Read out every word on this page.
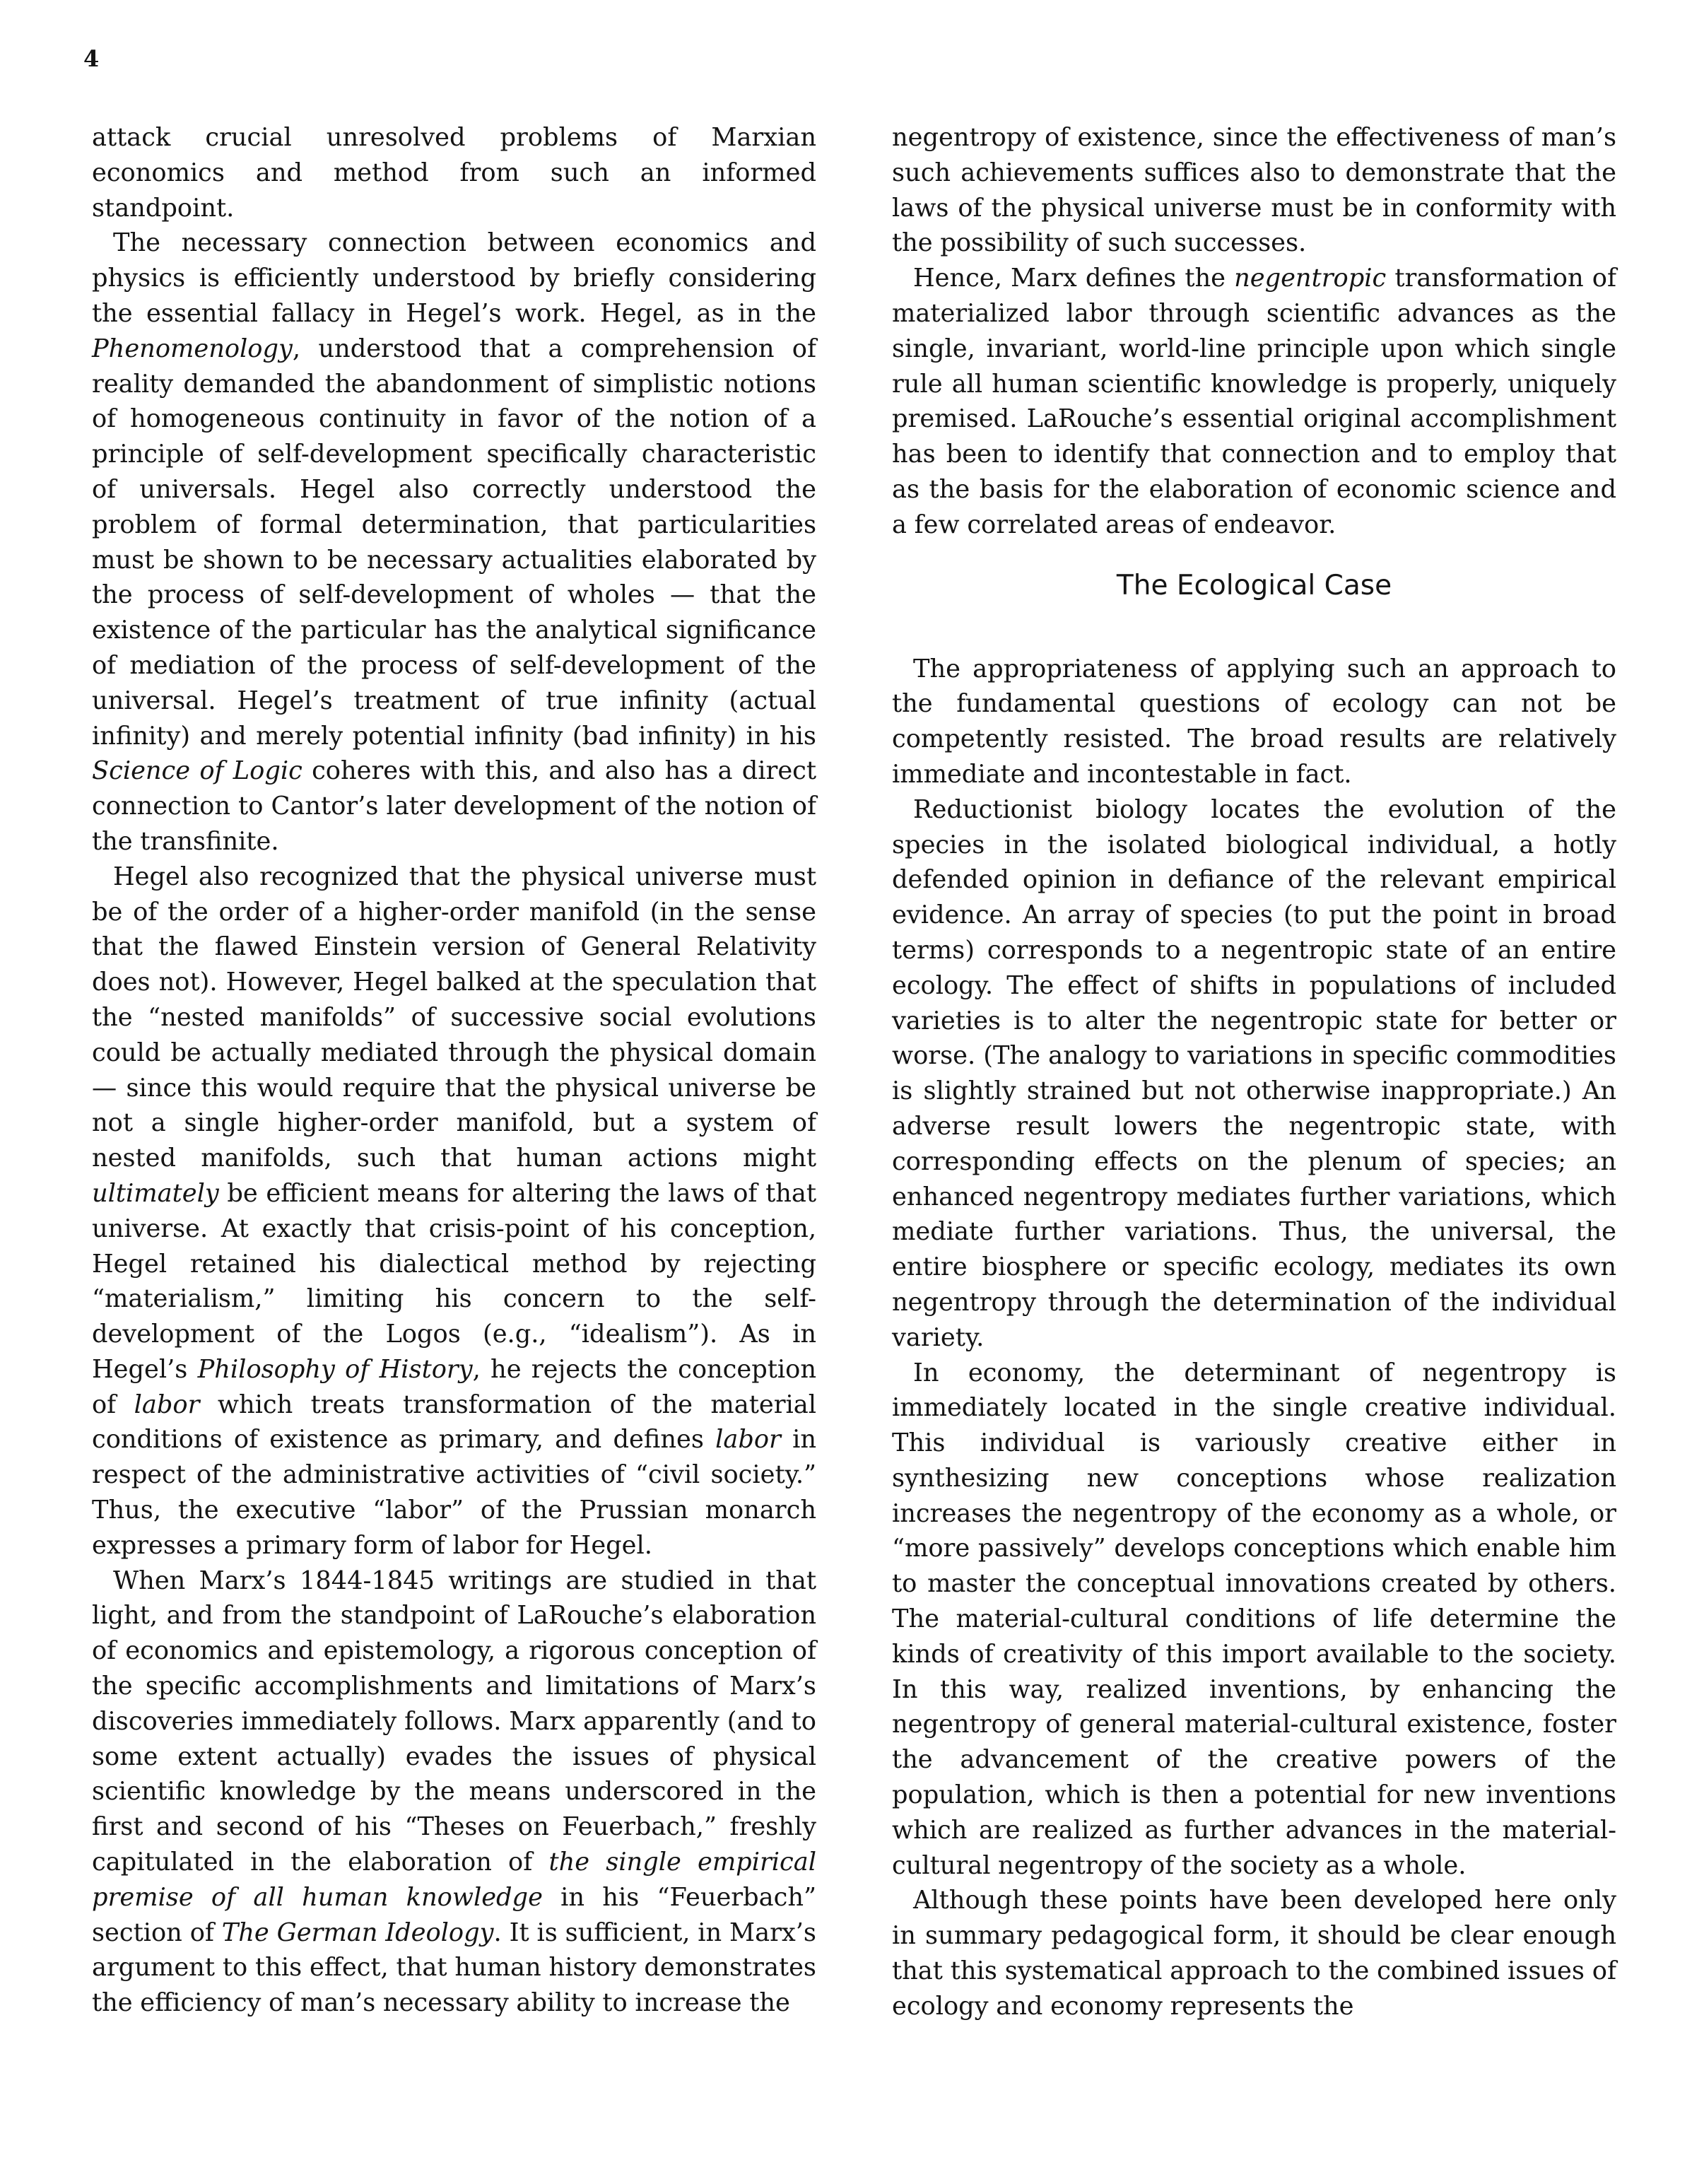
4

attack crucial unresolved problems of Marxian economics and method from such an informed standpoint.

The necessary connection between economics and physics is efficiently understood by briefly considering the essential fallacy in Hegel’s work. Hegel, as in the Phenomenology, understood that a comprehension of reality demanded the abandonment of simplistic notions of homogeneous continuity in favor of the notion of a principle of self-development specifically characteristic of universals. Hegel also correctly understood the problem of formal determination, that particularities must be shown to be necessary actualities elaborated by the process of self-development of wholes — that the existence of the particular has the analytical significance of mediation of the process of self-development of the universal. Hegel’s treatment of true infinity (actual infinity) and merely potential infinity (bad infinity) in his Science of Logic coheres with this, and also has a direct connection to Cantor’s later development of the notion of the transfinite.

Hegel also recognized that the physical universe must be of the order of a higher-order manifold (in the sense that the flawed Einstein version of General Relativity does not). However, Hegel balked at the speculation that the “nested manifolds” of successive social evolutions could be actually mediated through the physical domain — since this would require that the physical universe be not a single higher-order manifold, but a system of nested manifolds, such that human actions might ultimately be efficient means for altering the laws of that universe. At exactly that crisis-point of his conception, Hegel retained his dialectical method by rejecting “materialism,” limiting his concern to the self-development of the Logos (e.g., “idealism”). As in Hegel’s Philosophy of History, he rejects the conception of labor which treats transformation of the material conditions of existence as primary, and defines labor in respect of the administrative activities of “civil society.” Thus, the executive “labor” of the Prussian monarch expresses a primary form of labor for Hegel.

When Marx’s 1844-1845 writings are studied in that light, and from the standpoint of LaRouche’s elaboration of economics and epistemology, a rigorous conception of the specific accomplishments and limitations of Marx’s discoveries immediately follows. Marx apparently (and to some extent actually) evades the issues of physical scientific knowledge by the means underscored in the first and second of his “Theses on Feuerbach,” freshly capitulated in the elaboration of the single empirical premise of all human knowledge in his “Feuerbach” section of The German Ideology. It is sufficient, in Marx’s argument to this effect, that human history demonstrates the efficiency of man’s necessary ability to increase the

negentropy of existence, since the effectiveness of man’s such achievements suffices also to demonstrate that the laws of the physical universe must be in conformity with the possibility of such successes.

Hence, Marx defines the negentropic transformation of materialized labor through scientific advances as the single, invariant, world-line principle upon which single rule all human scientific knowledge is properly, uniquely premised. LaRouche’s essential original accomplishment has been to identify that connection and to employ that as the basis for the elaboration of economic science and a few correlated areas of endeavor.

The Ecological Case

The appropriateness of applying such an approach to the fundamental questions of ecology can not be competently resisted. The broad results are relatively immediate and incontestable in fact.

Reductionist biology locates the evolution of the species in the isolated biological individual, a hotly defended opinion in defiance of the relevant empirical evidence. An array of species (to put the point in broad terms) corresponds to a negentropic state of an entire ecology. The effect of shifts in populations of included varieties is to alter the negentropic state for better or worse. (The analogy to variations in specific commodities is slightly strained but not otherwise inappropriate.) An adverse result lowers the negentropic state, with corresponding effects on the plenum of species; an enhanced negentropy mediates further variations, which mediate further variations. Thus, the universal, the entire biosphere or specific ecology, mediates its own negentropy through the determination of the individual variety.

In economy, the determinant of negentropy is immediately located in the single creative individual. This individual is variously creative either in synthesizing new conceptions whose realization increases the negentropy of the economy as a whole, or “more passively” develops conceptions which enable him to master the conceptual innovations created by others. The material-cultural conditions of life determine the kinds of creativity of this import available to the society. In this way, realized inventions, by enhancing the negentropy of general material-cultural existence, foster the advancement of the creative powers of the population, which is then a potential for new inventions which are realized as further advances in the material-cultural negentropy of the society as a whole.

Although these points have been developed here only in summary pedagogical form, it should be clear enough that this systematical approach to the combined issues of ecology and economy represents the
